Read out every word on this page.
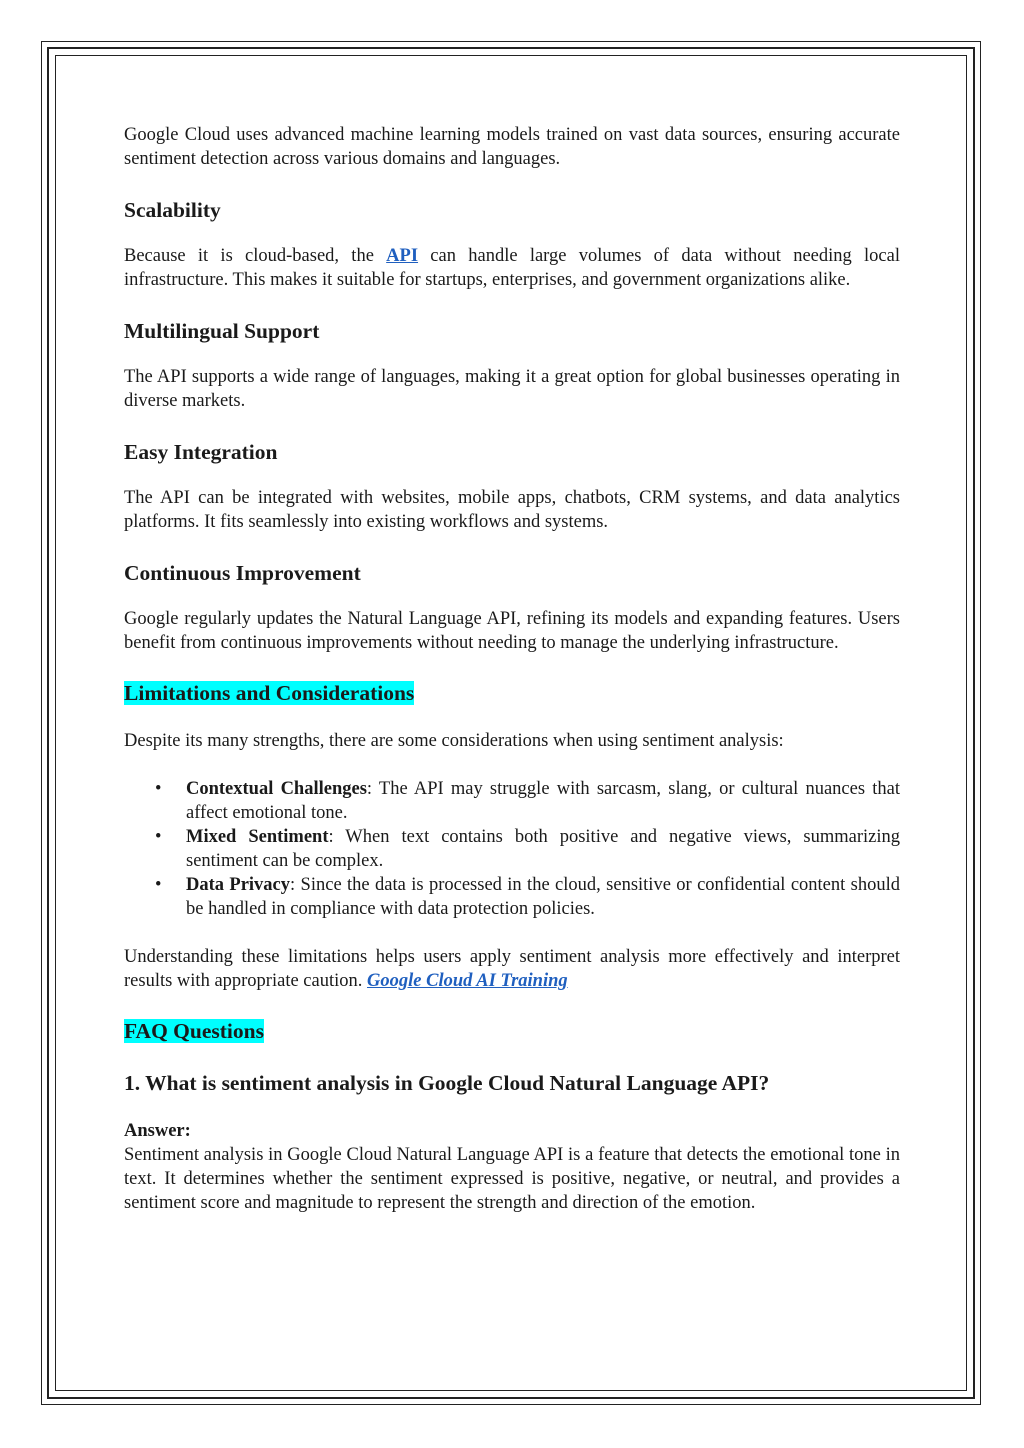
Google Cloud uses advanced machine learning models trained on vast data sources, ensuring accurate sentiment detection across various domains and languages.

Scalability

Because it is cloud-based, the API can handle large volumes of data without needing local infrastructure. This makes it suitable for startups, enterprises, and government organizations alike.

Multilingual Support

The API supports a wide range of languages, making it a great option for global businesses operating in diverse markets.

Easy Integration

The API can be integrated with websites, mobile apps, chatbots, CRM systems, and data analytics platforms. It fits seamlessly into existing workflows and systems.

Continuous Improvement

Google regularly updates the Natural Language API, refining its models and expanding features. Users benefit from continuous improvements without needing to manage the underlying infrastructure.

Limitations and Considerations

Despite its many strengths, there are some considerations when using sentiment analysis:

• Contextual Challenges: The API may struggle with sarcasm, slang, or cultural nuances that affect emotional tone.
• Mixed Sentiment: When text contains both positive and negative views, summarizing sentiment can be complex.
• Data Privacy: Since the data is processed in the cloud, sensitive or confidential content should be handled in compliance with data protection policies.

Understanding these limitations helps users apply sentiment analysis more effectively and interpret results with appropriate caution. Google Cloud AI Training

FAQ Questions
1. What is sentiment analysis in Google Cloud Natural Language API?

Answer:

Sentiment analysis in Google Cloud Natural Language API is a feature that detects the emotional tone in text. It determines whether the sentiment expressed is positive, negative, or neutral, and provides a sentiment score and magnitude to represent the strength and direction of the emotion.
